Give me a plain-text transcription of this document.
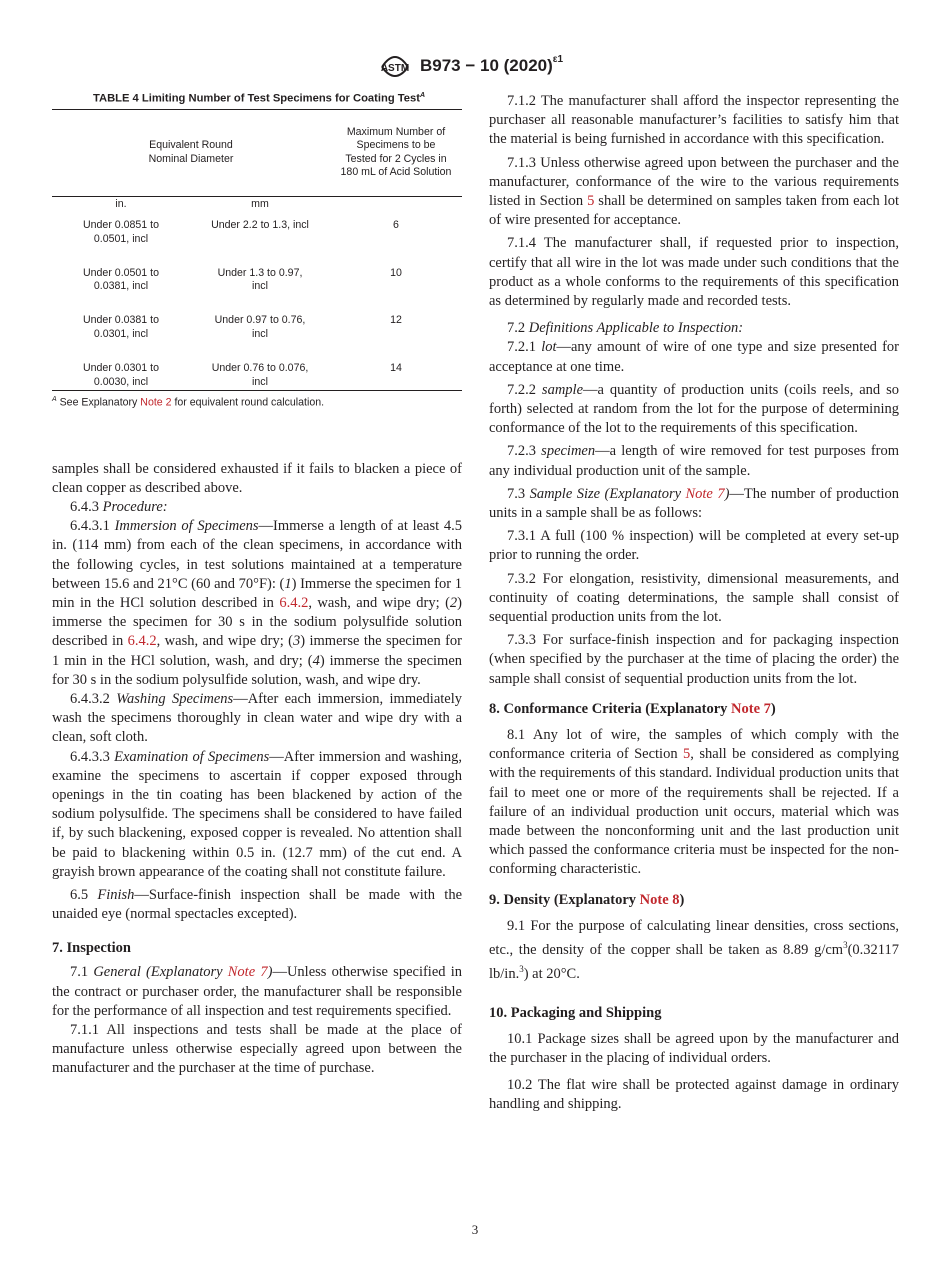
ASTM B973 − 10 $(2020)^{\varepsilon 1}$
TABLE 4 Limiting Number of Test Specimens for Coating Test$^A$
Equivalent Round Nominal Diameter		Maximum Number of Specimens to be Tested for 2 Cycles in 180 mL of Acid Solution

in.	mm	

Under 0.0851 to 0.0501, incl	Under 2.2 to 1.3, incl	6

Under 0.0501 to 0.0381, incl	Under 1.3 to 0.97, incl	10

Under 0.0381 to 0.0301, incl	Under 0.97 to 0.76, incl	12

Under 0.0301 to 0.0030, incl	Under 0.76 to 0.076, incl	14
$^A$ See Explanatory Note 2 for equivalent round calculation.

samples shall be considered exhausted if it fails to blacken a piece of clean copper as described above.

6.4.3 Procedure:

6.4.3.1 Immersion of Specimens—Immerse a length of at least 4.5 in. (114 mm) from each of the clean specimens, in accordance with the following cycles, in test solutions maintained at a temperature between 15.6 and 21°C (60 and 70°F): (1) Immerse the specimen for 1 min in the HCl solution described in 6.4.2, wash, and wipe dry; (2) immerse the specimen for 30 s in the sodium polysulfide solution described in 6.4.2, wash, and wipe dry; (3) immerse the specimen for 1 min in the HCl solution, wash, and dry; (4) immerse the specimen for 30 s in the sodium polysulfide solution, wash, and wipe dry.

6.4.3.2 Washing Specimens—After each immersion, immediately wash the specimens thoroughly in clean water and wipe dry with a clean, soft cloth.

6.4.3.3 Examination of Specimens—After immersion and washing, examine the specimens to ascertain if copper exposed through openings in the tin coating has been blackened by action of the sodium polysulfide. The specimens shall be considered to have failed if, by such blackening, exposed copper is revealed. No attention shall be paid to blackening within 0.5 in. (12.7 mm) of the cut end. A grayish brown appearance of the coating shall not constitute failure.

6.5 Finish—Surface-finish inspection shall be made with the unaided eye (normal spectacles excepted).

7. Inspection

7.1 General (Explanatory Note 7)—Unless otherwise specified in the contract or purchaser order, the manufacturer shall be responsible for the performance of all inspection and test requirements specified.

7.1.1 All inspections and tests shall be made at the place of manufacture unless otherwise especially agreed upon between the manufacturer and the purchaser at the time of purchase.

7.1.2 The manufacturer shall afford the inspector representing the purchaser all reasonable manufacturer’s facilities to satisfy him that the material is being furnished in accordance with this specification.

7.1.3 Unless otherwise agreed upon between the purchaser and the manufacturer, conformance of the wire to the various requirements listed in Section 5 shall be determined on samples taken from each lot of wire presented for acceptance.

7.1.4 The manufacturer shall, if requested prior to inspection, certify that all wire in the lot was made under such conditions that the product as a whole conforms to the requirements of this specification as determined by regularly made and recorded tests.

7.2 Definitions Applicable to Inspection:

7.2.1 lot—any amount of wire of one type and size presented for acceptance at one time.

7.2.2 sample—a quantity of production units (coils reels, and so forth) selected at random from the lot for the purpose of determining conformance of the lot to the requirements of this specification.

7.2.3 specimen—a length of wire removed for test purposes from any individual production unit of the sample.

7.3 Sample Size (Explanatory Note 7)—The number of production units in a sample shall be as follows:

7.3.1 A full (100 % inspection) will be completed at every set-up prior to running the order.

7.3.2 For elongation, resistivity, dimensional measurements, and continuity of coating determinations, the sample shall consist of sequential production units from the lot.

7.3.3 For surface-finish inspection and for packaging inspection (when specified by the purchaser at the time of placing the order) the sample shall consist of sequential production units from the lot.

8. Conformance Criteria (Explanatory Note 7)

8.1 Any lot of wire, the samples of which comply with the conformance criteria of Section 5, shall be considered as complying with the requirements of this standard. Individual production units that fail to meet one or more of the requirements shall be rejected. If a failure of an individual production unit occurs, material which was made between the nonconforming unit and the last production unit which passed the conformance criteria must be inspected for the non-conforming characteristic.

9. Density (Explanatory Note 8)

9.1 For the purpose of calculating linear densities, cross sections, etc., the density of the copper shall be taken as 8.89 $g/cm^3(0.32117$ lb/in.$^3$) at 20°C.

10. Packaging and Shipping

10.1 Package sizes shall be agreed upon by the manufacturer and the purchaser in the placing of individual orders.

10.2 The flat wire shall be protected against damage in ordinary handling and shipping.

3
